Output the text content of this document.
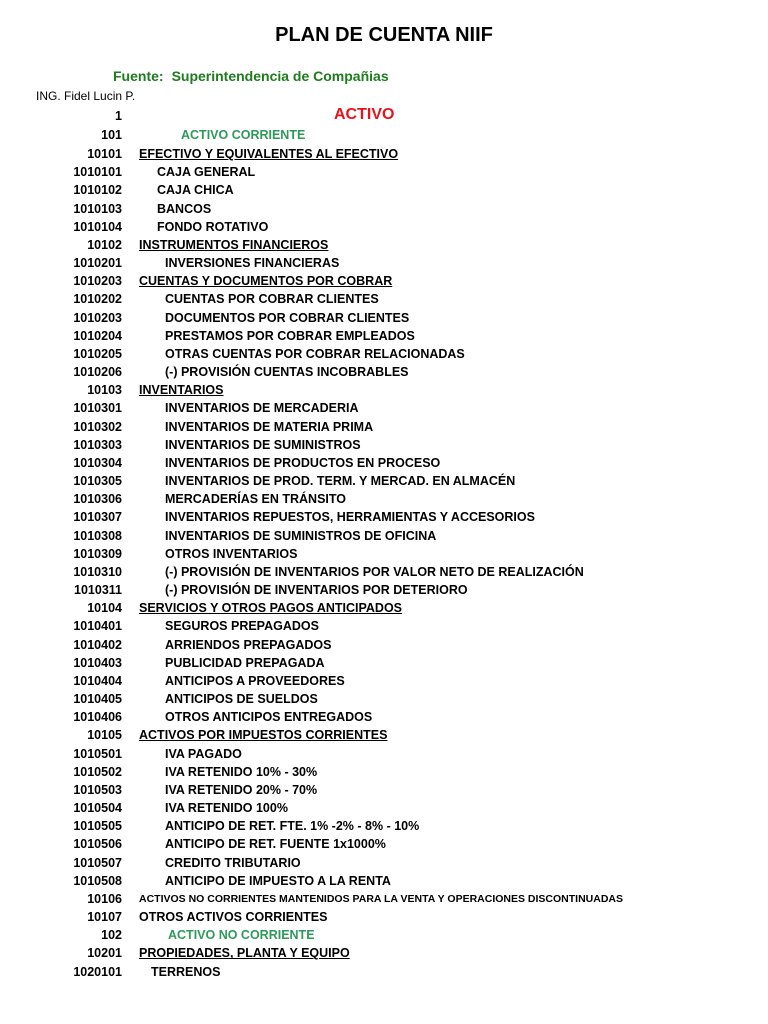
PLAN DE CUENTA NIIF
Fuente: Superintendencia de Compañias
ING. Fidel Lucin P.
1	ACTIVO
101	ACTIVO CORRIENTE
10101 EFECTIVO Y EQUIVALENTES AL EFECTIVO
1010101	CAJA GENERAL
1010102	CAJA CHICA
1010103	BANCOS
1010104	FONDO ROTATIVO
10102 INSTRUMENTOS FINANCIEROS
1010201	INVERSIONES FINANCIERAS
1010203 CUENTAS Y DOCUMENTOS POR COBRAR
1010202	CUENTAS POR COBRAR CLIENTES
1010203	DOCUMENTOS POR COBRAR CLIENTES
1010204	PRESTAMOS POR COBRAR EMPLEADOS
1010205	OTRAS CUENTAS POR COBRAR RELACIONADAS
1010206	(-) PROVISIÓN CUENTAS INCOBRABLES
10103 INVENTARIOS
1010301	INVENTARIOS DE MERCADERIA
1010302	INVENTARIOS DE MATERIA PRIMA
1010303	INVENTARIOS DE SUMINISTROS
1010304	INVENTARIOS DE PRODUCTOS EN PROCESO
1010305	INVENTARIOS DE PROD. TERM. Y MERCAD. EN ALMACÉN
1010306	MERCADERÍAS EN TRÁNSITO
1010307	INVENTARIOS REPUESTOS, HERRAMIENTAS Y ACCESORIOS
1010308	INVENTARIOS DE SUMINISTROS DE OFICINA
1010309	OTROS INVENTARIOS
1010310	(-) PROVISIÓN DE INVENTARIOS POR VALOR NETO DE REALIZACIÓN
1010311	(-) PROVISIÓN DE INVENTARIOS POR DETERIORO
10104 SERVICIOS Y OTROS PAGOS ANTICIPADOS
1010401	SEGUROS PREPAGADOS
1010402	ARRIENDOS PREPAGADOS
1010403	PUBLICIDAD PREPAGADA
1010404	ANTICIPOS A PROVEEDORES
1010405	ANTICIPOS DE SUELDOS
1010406	OTROS ANTICIPOS ENTREGADOS
10105 ACTIVOS POR IMPUESTOS CORRIENTES
1010501	IVA PAGADO
1010502	IVA RETENIDO 10% - 30%
1010503	IVA RETENIDO 20% - 70%
1010504	IVA RETENIDO 100%
1010505	ANTICIPO DE RET. FTE. 1% -2% - 8% - 10%
1010506	ANTICIPO DE RET. FUENTE 1x1000%
1010507	CREDITO TRIBUTARIO
1010508	ANTICIPO DE IMPUESTO A LA RENTA
10106 ACTIVOS NO CORRIENTES MANTENIDOS PARA LA VENTA Y OPERACIONES DISCONTINUADAS
10107 OTROS ACTIVOS CORRIENTES
102	ACTIVO NO CORRIENTE
10201 PROPIEDADES, PLANTA Y EQUIPO
1020101 TERRENOS
